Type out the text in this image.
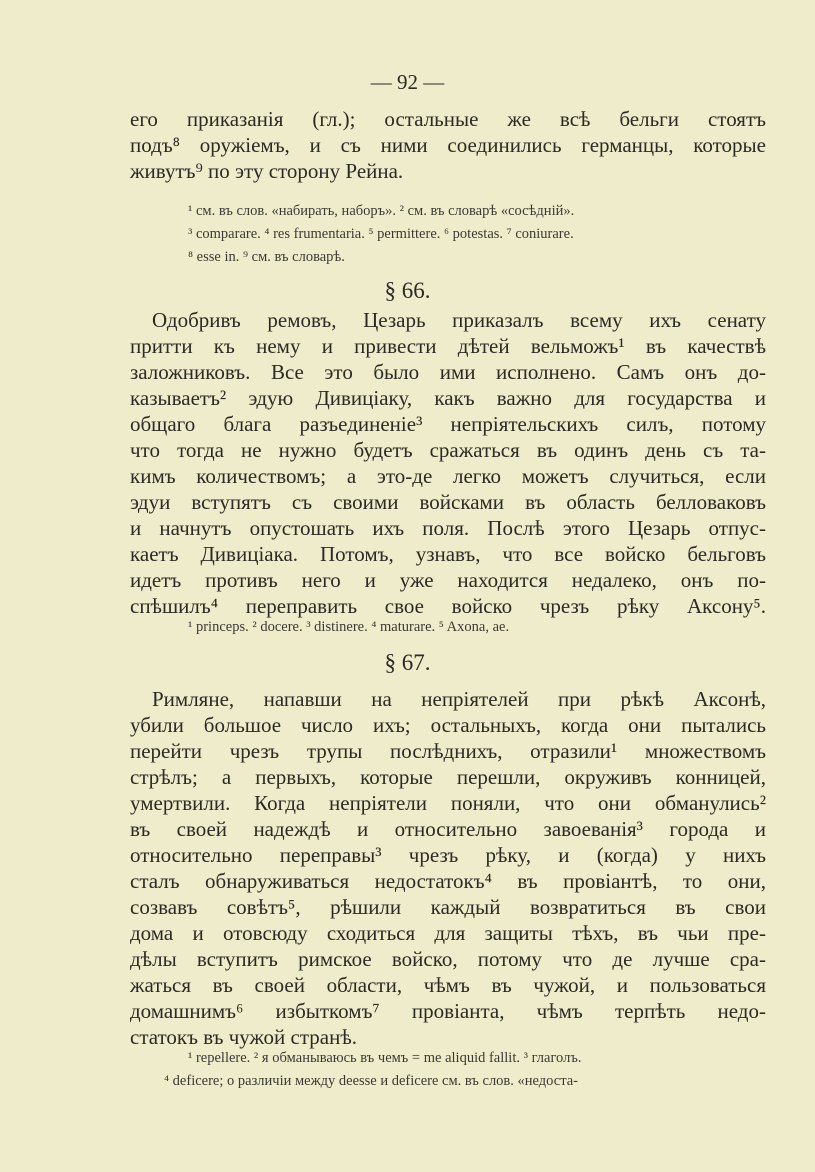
— 92 —
его приказанія (гл.); остальные же всѣ бельги стоятъ
подъ⁸ оружіемъ, и съ ними соединились германцы, которые
живутъ⁹ по эту сторону Рейна.
¹ см. въ слов. «набирать, наборъ». ² см. въ словарѣ «сосѣдній».
³ comparare. ⁴ res frumentaria. ⁵ permittere. ⁶ potestas. ⁷ coniurare.
⁸ esse in. ⁹ см. въ словарѣ.
§ 66.
Одобривъ ремовъ, Цезарь приказалъ всему ихъ сенату
притти къ нему и привести дѣтей вельможъ¹ въ качествѣ
заложниковъ. Все это было ими исполнено. Самъ онъ до-
казываетъ² эдую Дивиціаку, какъ важно для государства и
общаго блага разъединеніе³ непріятельскихъ силъ, потому
что тогда не нужно будетъ сражаться въ одинъ день съ та-
кимъ количествомъ; а это-де легко можетъ случиться, если
эдуи вступятъ съ своими войсками въ область белловаковъ
и начнутъ опустошать ихъ поля. Послѣ этого Цезарь отпус-
каетъ Дивиціака. Потомъ, узнавъ, что все войско бельговъ
идетъ противъ него и уже находится недалеко, онъ по-
спѣшилъ⁴ переправить свое войско чрезъ рѣку Аксону⁵.
¹ princeps. ² docere. ³ distinere. ⁴ maturare. ⁵ Axona, ae.
§ 67.
Римляне, напавши на непріятелей при рѣкѣ Аксонѣ,
убили большое число ихъ; остальныхъ, когда они пытались
перейти чрезъ трупы послѣднихъ, отразили¹ множествомъ
стрѣлъ; а первыхъ, которые перешли, окруживъ конницей,
умертвили. Когда непріятели поняли, что они обманулись²
въ своей надеждѣ и относительно завоеванія³ города и
относительно переправы³ чрезъ рѣку, и (когда) у нихъ
сталъ обнаруживаться недостатокъ⁴ въ провіантѣ, то они,
созвавъ совѣтъ⁵, рѣшили каждый возвратиться въ свои
дома и отовсюду сходиться для защиты тѣхъ, въ чьи пре-
дѣлы вступитъ римское войско, потому что де лучше сра-
жаться въ своей области, чѣмъ въ чужой, и пользоваться
домашнимъ⁶ избыткомъ⁷ провіанта, чѣмъ терпѣть недо-
статокъ въ чужой странѣ.
¹ repellere. ² я обманываюсь въ чемъ = me aliquid fallit. ³ глаголъ.
⁴ deficere; о различіи между deesse и deficere см. въ слов. «недоста-
